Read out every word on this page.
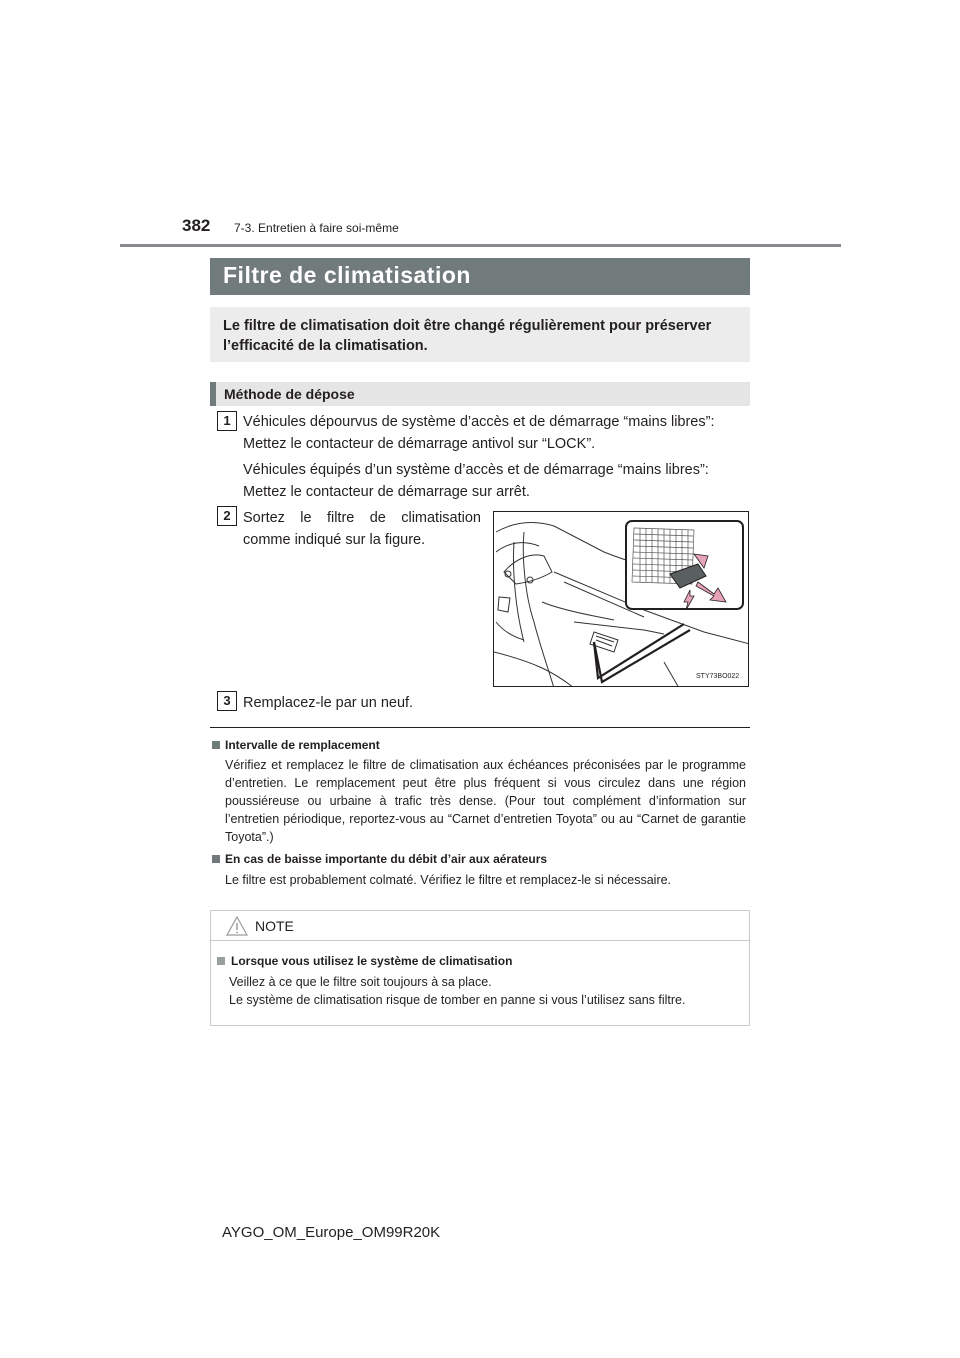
382 7-3. Entretien à faire soi-même
Filtre de climatisation
Le filtre de climatisation doit être changé régulièrement pour préserver l’efficacité de la climatisation.
Méthode de dépose
1 Véhicules dépourvus de système d’accès et de démarrage “mains libres”:
Mettez le contacteur de démarrage antivol sur “LOCK”.
Véhicules équipés d’un système d’accès et de démarrage “mains libres”:
Mettez le contacteur de démarrage sur arrêt.
2 Sortez le filtre de climatisation
comme indiqué sur la figure.
STY73BO022
3 Remplacez-le par un neuf.
Intervalle de remplacement
Vérifiez et remplacez le filtre de climatisation aux échéances préconisées par le programme d’entretien. Le remplacement peut être plus fréquent si vous circulez dans une région poussiéreuse ou urbaine à trafic très dense. (Pour tout complément d’information sur l’entretien périodique, reportez-vous au “Carnet d’entretien Toyota” ou au “Carnet de garantie Toyota”.)
En cas de baisse importante du débit d’air aux aérateurs
Le filtre est probablement colmaté. Vérifiez le filtre et remplacez-le si nécessaire.
NOTE
Lorsque vous utilisez le système de climatisation
Veillez à ce que le filtre soit toujours à sa place.
Le système de climatisation risque de tomber en panne si vous l’utilisez sans filtre.
AYGO_OM_Europe_OM99R20K
